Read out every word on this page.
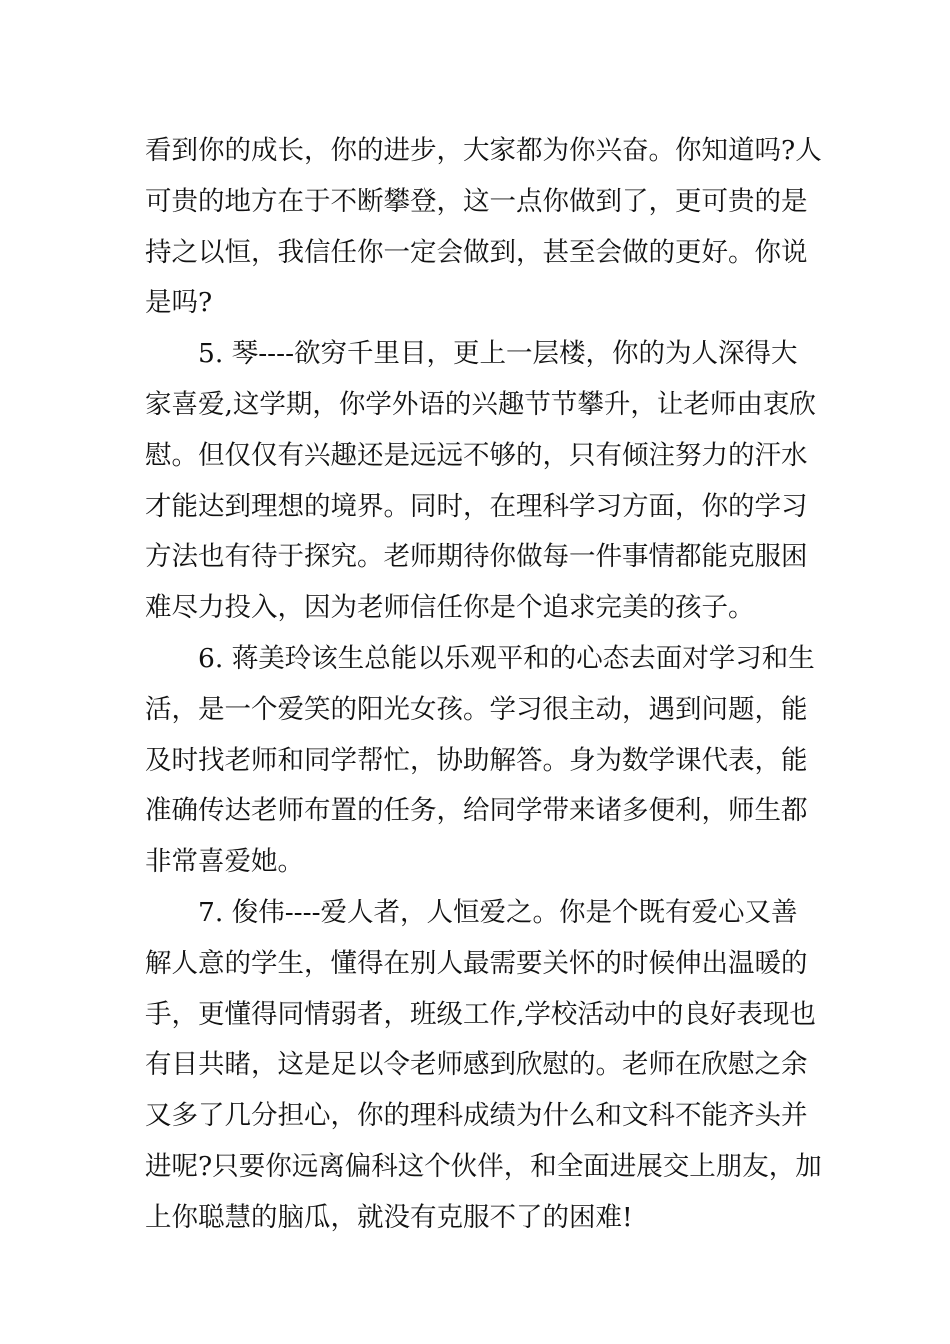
看到你的成长，你的进步，大家都为你兴奋。你知道吗?人
可贵的地方在于不断攀登，这一点你做到了，更可贵的是
持之以恒，我信任你一定会做到，甚至会做的更好。你说
是吗?
5. 琴----欲穷千里目，更上一层楼，你的为人深得大
家喜爱,这学期，你学外语的兴趣节节攀升，让老师由衷欣
慰。但仅仅有兴趣还是远远不够的，只有倾注努力的汗水
才能达到理想的境界。同时，在理科学习方面，你的学习
方法也有待于探究。老师期待你做每一件事情都能克服困
难尽力投入，因为老师信任你是个追求完美的孩子。
6. 蒋美玲该生总能以乐观平和的心态去面对学习和生
活，是一个爱笑的阳光女孩。学习很主动，遇到问题，能
及时找老师和同学帮忙，协助解答。身为数学课代表，能
准确传达老师布置的任务，给同学带来诸多便利，师生都
非常喜爱她。
7. 俊伟----爱人者，人恒爱之。你是个既有爱心又善
解人意的学生，懂得在别人最需要关怀的时候伸出温暖的
手，更懂得同情弱者，班级工作,学校活动中的良好表现也
有目共睹，这是足以令老师感到欣慰的。老师在欣慰之余
又多了几分担心，你的理科成绩为什么和文科不能齐头并
进呢?只要你远离偏科这个伙伴，和全面进展交上朋友，加
上你聪慧的脑瓜，就没有克服不了的困难!
